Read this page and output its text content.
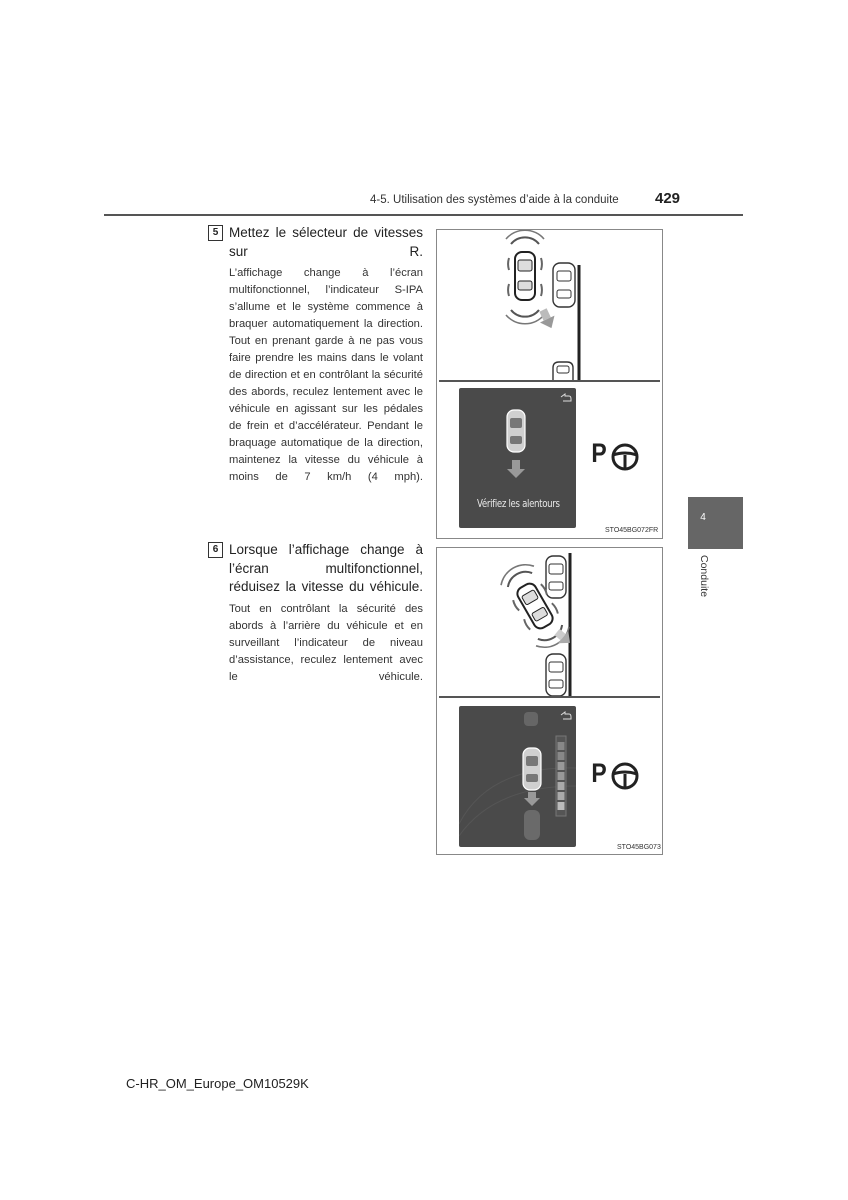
4-5. Utilisation des systèmes d’aide à la conduite 429
4
Conduite
5 Mettez le sélecteur de vitesses sur R.
L’affichage change à l’écran multifonctionnel, l’indicateur S-IPA s’allume et le système commence à braquer automatiquement la direction. Tout en prenant garde à ne pas vous faire prendre les mains dans le volant de direction et en contrôlant la sécurité des abords, reculez lentement avec le véhicule en agissant sur les pédales de frein et d’accélérateur. Pendant le braquage automatique de la direction, maintenez la vitesse du véhicule à moins de 7 km/h (4 mph).
6 Lorsque l’affichage change à l’écran multifonctionnel, réduisez la vitesse du véhicule.
Tout en contrôlant la sécurité des abords à l’arrière du véhicule et en surveillant l’indicateur de niveau d’assistance, reculez lentement avec le véhicule.
Vérifiez les alentours
P
STO45BG072FR
P
STO45BG073
C-HR_OM_Europe_OM10529K
